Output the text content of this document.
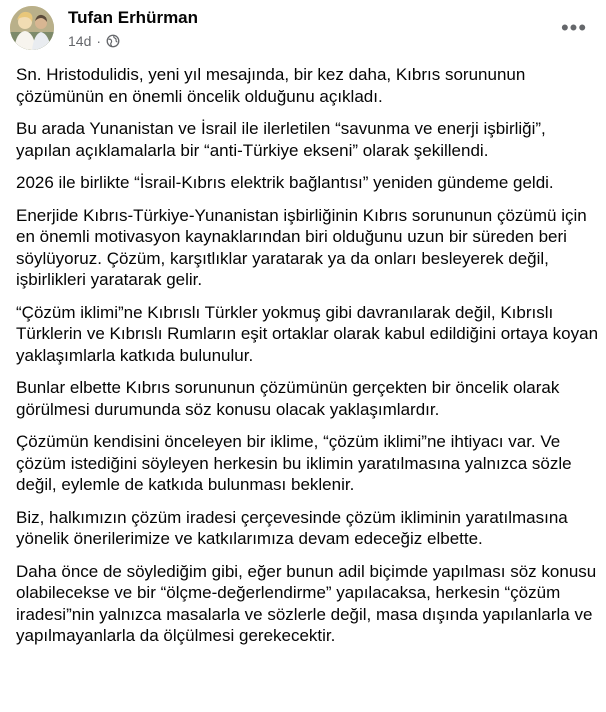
Tufan Erhürman
14d ·
•••

Sn. Hristodulidis, yeni yıl mesajında, bir kez daha, Kıbrıs sorununun çözümünün en önemli öncelik olduğunu açıkladı.

Bu arada Yunanistan ve İsrail ile ilerletilen “savunma ve enerji işbirliği”, yapılan açıklamalarla bir “anti-Türkiye ekseni” olarak şekillendi.

2026 ile birlikte “İsrail-Kıbrıs elektrik bağlantısı” yeniden gündeme geldi.

Enerjide Kıbrıs-Türkiye-Yunanistan işbirliğinin Kıbrıs sorununun çözümü için en önemli motivasyon kaynaklarından biri olduğunu uzun bir süreden beri söylüyoruz. Çözüm, karşıtlıklar yaratarak ya da onları besleyerek değil, işbirlikleri yaratarak gelir.

“Çözüm iklimi”ne Kıbrıslı Türkler yokmuş gibi davranılarak değil, Kıbrıslı Türklerin ve Kıbrıslı Rumların eşit ortaklar olarak kabul edildiğini ortaya koyan yaklaşımlarla katkıda bulunulur.

Bunlar elbette Kıbrıs sorununun çözümünün gerçekten bir öncelik olarak görülmesi durumunda söz konusu olacak yaklaşımlardır.

Çözümün kendisini önceleyen bir iklime, “çözüm iklimi”ne ihtiyacı var. Ve çözüm istediğini söyleyen herkesin bu iklimin yaratılmasına yalnızca sözle değil, eylemle de katkıda bulunması beklenir.

Biz, halkımızın çözüm iradesi çerçevesinde çözüm ikliminin yaratılmasına yönelik önerilerimize ve katkılarımıza devam edeceğiz elbette.

Daha önce de söylediğim gibi, eğer bunun adil biçimde yapılması söz konusu olabilecekse ve bir “ölçme-değerlendirme” yapılacaksa, herkesin “çözüm iradesi”nin yalnızca masalarla ve sözlerle değil, masa dışında yapılanlarla ve yapılmayanlarla da ölçülmesi gerekecektir.
